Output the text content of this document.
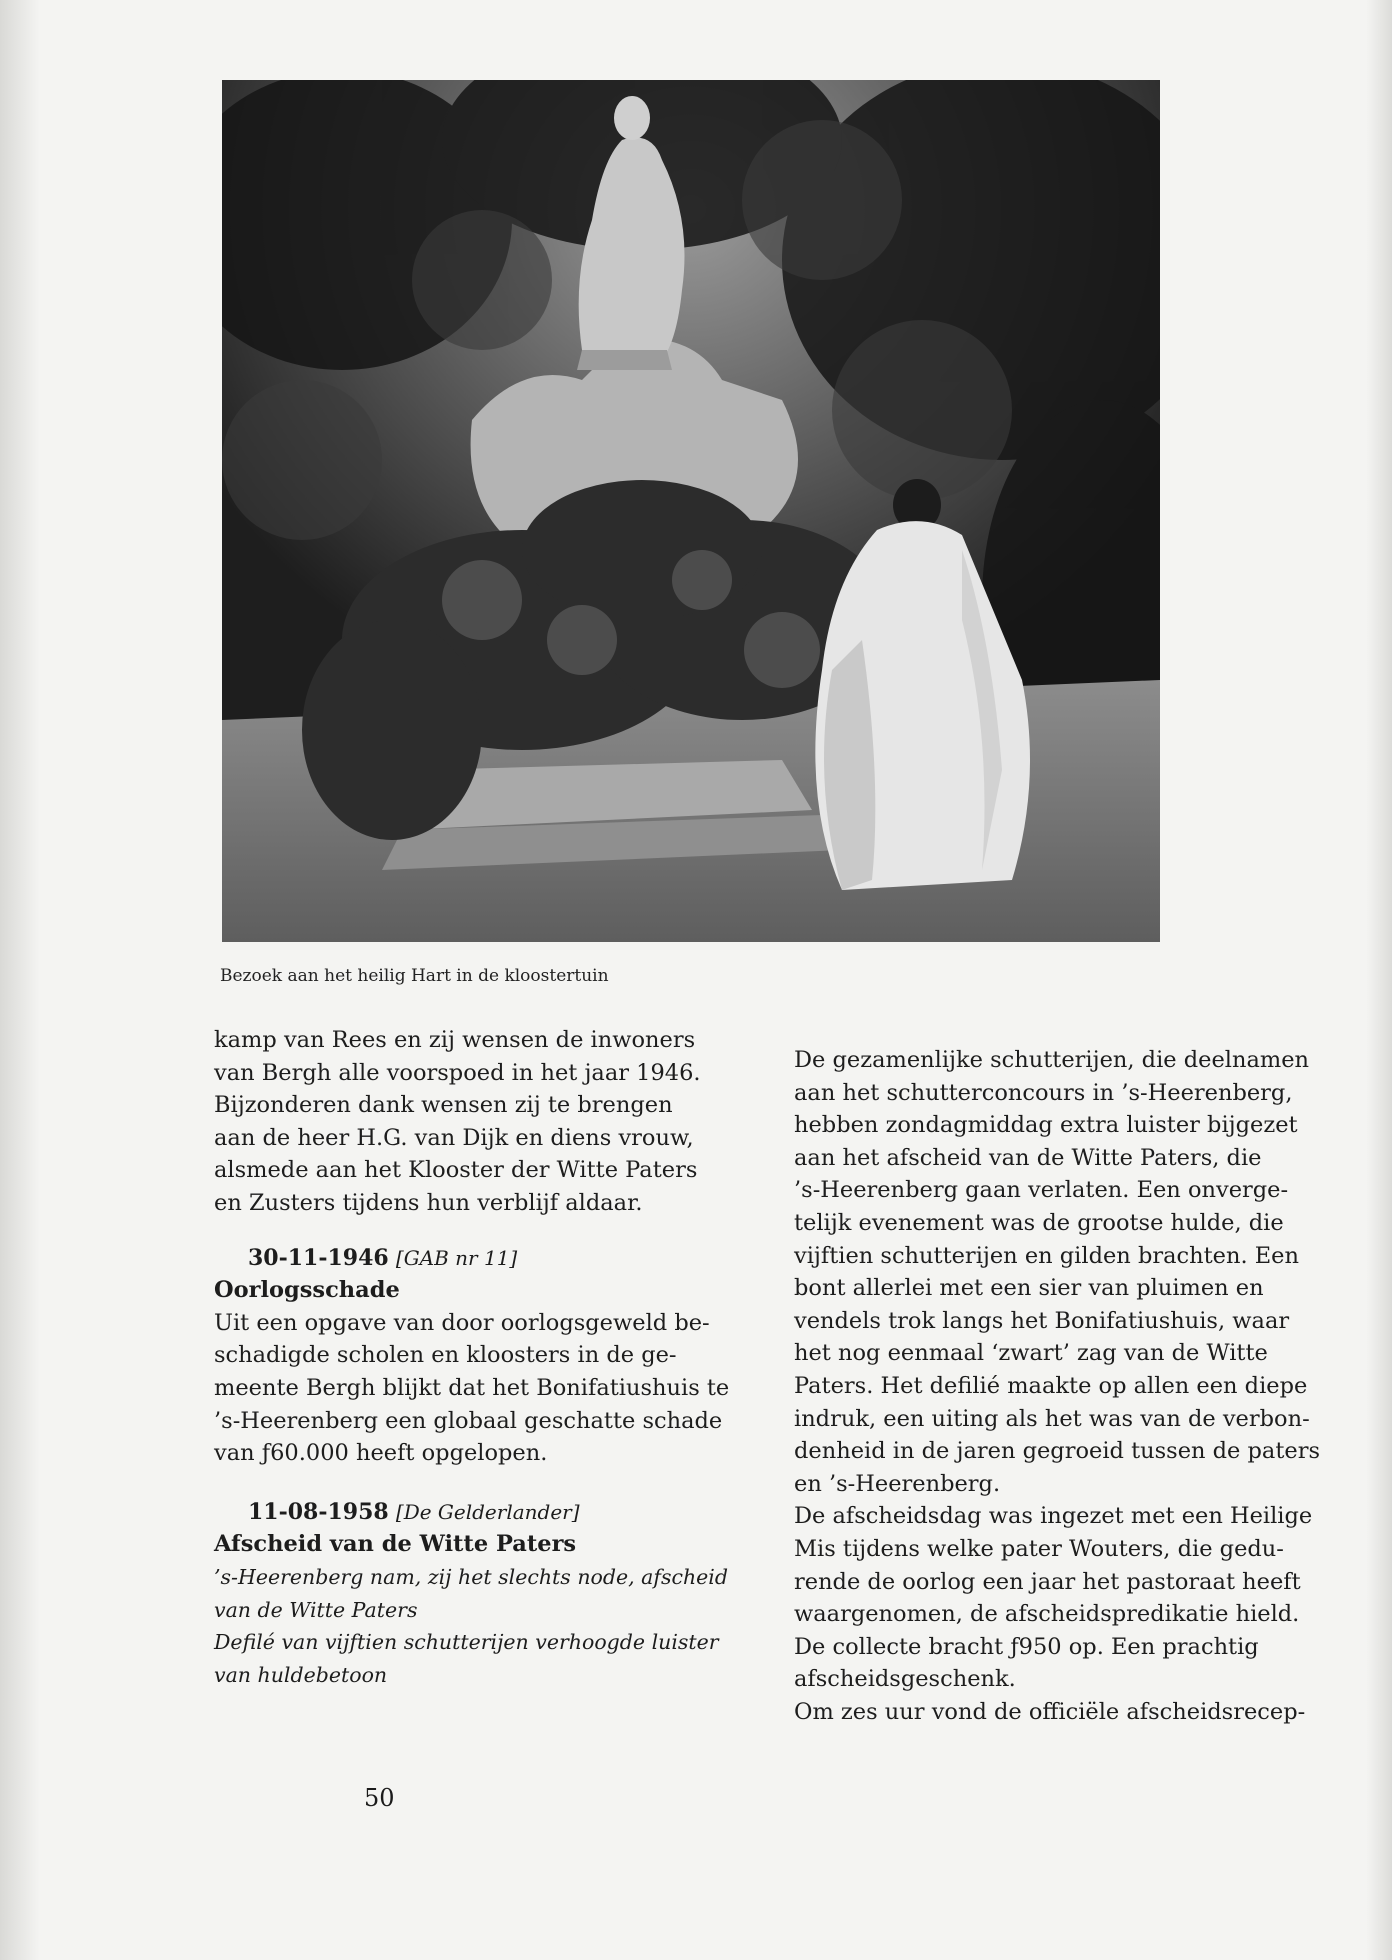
Bezoek aan het heilig Hart in de kloostertuin
kamp van Rees en zij wensen de inwoners
van Bergh alle voorspoed in het jaar 1946.
Bijzonderen dank wensen zij te brengen
aan de heer H.G. van Dijk en diens vrouw,
alsmede aan het Klooster der Witte Paters
en Zusters tijdens hun verblijf aldaar.
30-11-1946 [GAB nr 11]
Oorlogsschade
Uit een opgave van door oorlogsgeweld be-
schadigde scholen en kloosters in de ge-
meente Bergh blijkt dat het Bonifatiushuis te
’s-Heerenberg een globaal geschatte schade
van ƒ60.000 heeft opgelopen.
11-08-1958 [De Gelderlander]
Afscheid van de Witte Paters
’s-Heerenberg nam, zij het slechts node, afscheid
van de Witte Paters
Defilé van vijftien schutterijen verhoogde luister
van huldebetoon
De gezamenlijke schutterijen, die deelnamen
aan het schutterconcours in ’s-Heerenberg,
hebben zondagmiddag extra luister bijgezet
aan het afscheid van de Witte Paters, die
’s-Heerenberg gaan verlaten. Een onverge-
telijk evenement was de grootse hulde, die
vijftien schutterijen en gilden brachten. Een
bont allerlei met een sier van pluimen en
vendels trok langs het Bonifatiushuis, waar
het nog eenmaal ‘zwart’ zag van de Witte
Paters. Het defilié maakte op allen een diepe
indruk, een uiting als het was van de verbon-
denheid in de jaren gegroeid tussen de paters
en ’s-Heerenberg.
De afscheidsdag was ingezet met een Heilige
Mis tijdens welke pater Wouters, die gedu-
rende de oorlog een jaar het pastoraat heeft
waargenomen, de afscheidspredikatie hield.
De collecte bracht ƒ950 op. Een prachtig
afscheidsgeschenk.
Om zes uur vond de officiële afscheidsrecep-
50
